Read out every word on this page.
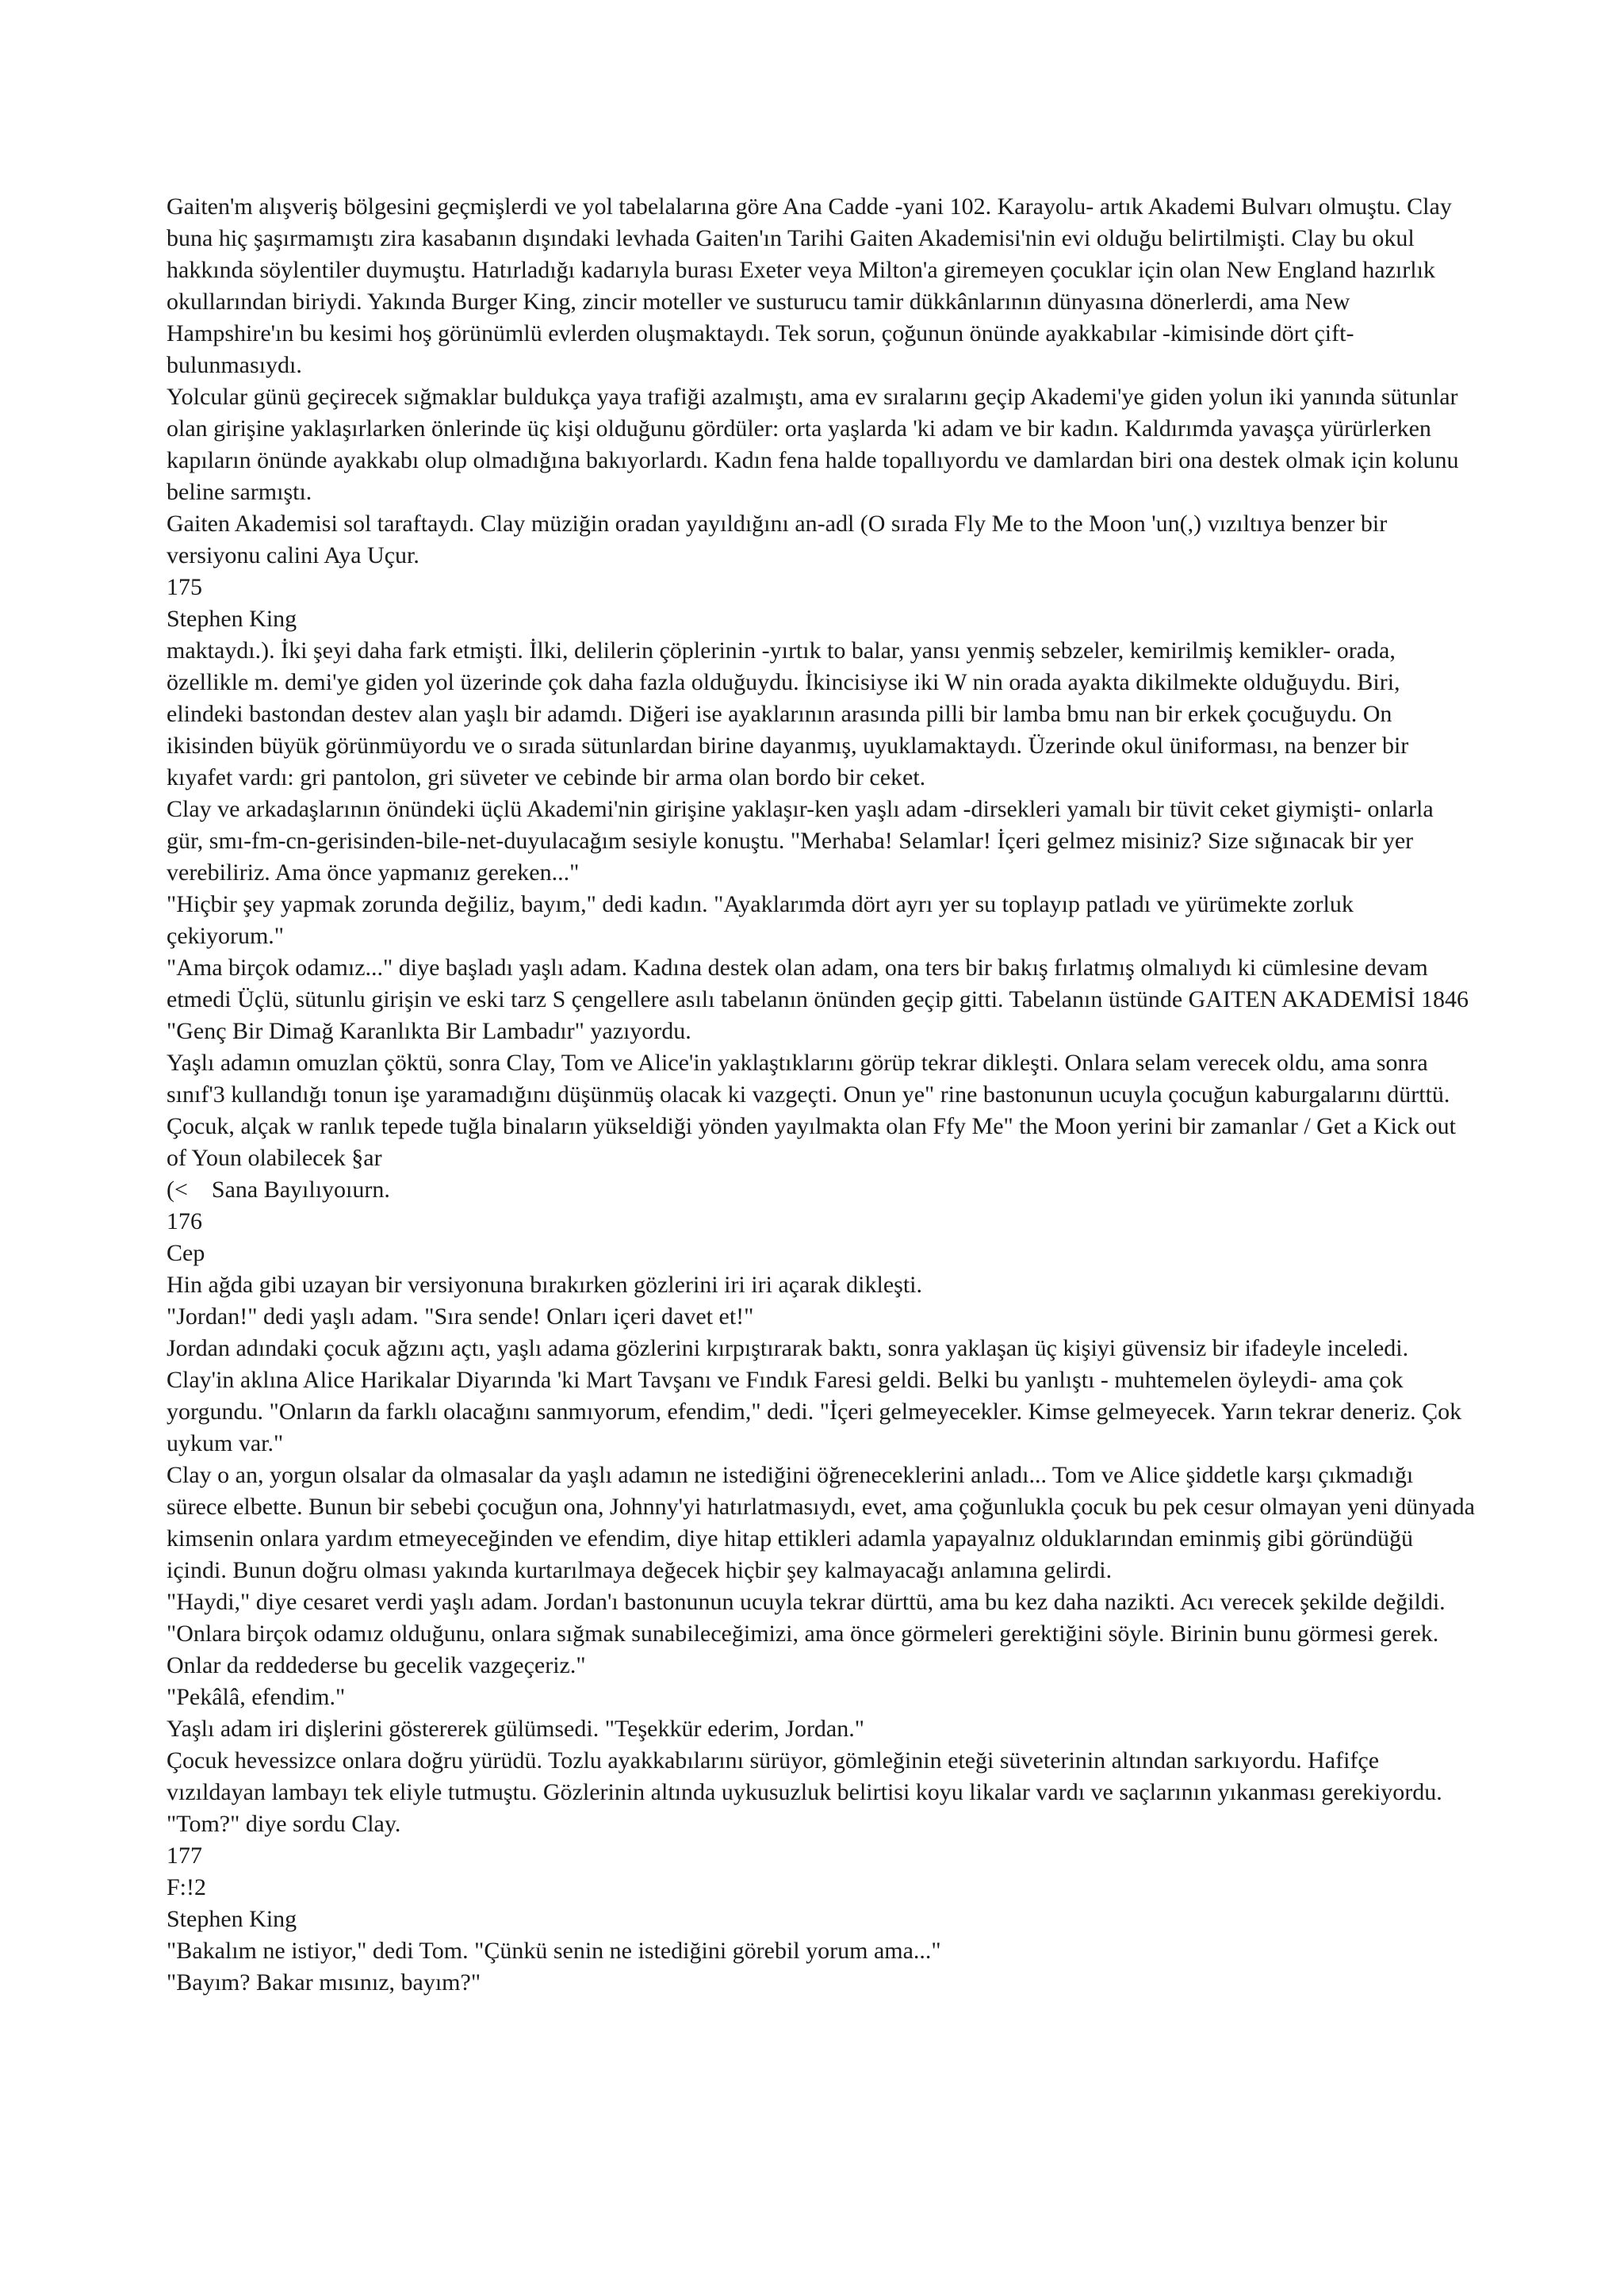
Gaiten'm alışveriş bölgesini geçmişlerdi ve yol tabelalarına göre Ana Cadde -yani 102. Karayolu- artık Akademi Bulvarı olmuştu. Clay buna hiç şaşırmamıştı zira kasabanın dışındaki levhada Gaiten'ın Tarihi Gaiten Akademisi'nin evi olduğu belirtilmişti. Clay bu okul hakkında söylentiler duymuştu. Hatırladığı kadarıyla burası Exeter veya Milton'a giremeyen çocuklar için olan New England hazırlık okullarından biriydi. Yakında Burger King, zincir moteller ve susturucu tamir dükkânlarının dünyasına dönerlerdi, ama New Hampshire'ın bu kesimi hoş görünümlü evlerden oluşmaktaydı. Tek sorun, çoğunun önünde ayakkabılar -kimisinde dört çift- bulunmasıydı.

Yolcular günü geçirecek sığmaklar buldukça yaya trafiği azalmıştı, ama ev sıralarını geçip Akademi'ye giden yolun iki yanında sütunlar olan girişine yaklaşırlarken önlerinde üç kişi olduğunu gördüler: orta yaşlarda 'ki adam ve bir kadın. Kaldırımda yavaşça yürürlerken kapıların önünde ayakkabı olup olmadığına bakıyorlardı. Kadın fena halde topallıyordu ve damlardan biri ona destek olmak için kolunu beline sarmıştı.

Gaiten Akademisi sol taraftaydı. Clay müziğin oradan yayıldığını an-adl (O sırada Fly Me to the Moon 'un(,) vızıltıya benzer bir versiyonu calini Aya Uçur.

175

Stephen King

maktaydı.). İki şeyi daha fark etmişti. İlki, delilerin çöplerinin -yırtık to balar, yansı yenmiş sebzeler, kemirilmiş kemikler- orada, özellikle m. demi'ye giden yol üzerinde çok daha fazla olduğuydu. İkincisiyse iki W nin orada ayakta dikilmekte olduğuydu. Biri, elindeki bastondan destev alan yaşlı bir adamdı. Diğeri ise ayaklarının arasında pilli bir lamba bmu nan bir erkek çocuğuydu. On ikisinden büyük görünmüyordu ve o sırada sütunlardan birine dayanmış, uyuklamaktaydı. Üzerinde okul üniforması, na benzer bir kıyafet vardı: gri pantolon, gri süveter ve cebinde bir arma olan bordo bir ceket.

Clay ve arkadaşlarının önündeki üçlü Akademi'nin girişine yaklaşır-ken yaşlı adam -dirsekleri yamalı bir tüvit ceket giymişti- onlarla gür, smı-fm-cn-gerisinden-bile-net-duyulacağım sesiyle konuştu. "Merhaba! Selamlar! İçeri gelmez misiniz? Size sığınacak bir yer verebiliriz. Ama önce yapmanız gereken..."

"Hiçbir şey yapmak zorunda değiliz, bayım," dedi kadın. "Ayaklarımda dört ayrı yer su toplayıp patladı ve yürümekte zorluk çekiyorum."

"Ama birçok odamız..." diye başladı yaşlı adam. Kadına destek olan adam, ona ters bir bakış fırlatmış olmalıydı ki cümlesine devam etmedi Üçlü, sütunlu girişin ve eski tarz S çengellere asılı tabelanın önünden geçip gitti. Tabelanın üstünde GAITEN AKADEMİSİ 1846 "Genç Bir Dimağ Karanlıkta Bir Lambadır" yazıyordu.

Yaşlı adamın omuzlan çöktü, sonra Clay, Tom ve Alice'in yaklaştıklarını görüp tekrar dikleşti. Onlara selam verecek oldu, ama sonra sınıf'3 kullandığı tonun işe yaramadığını düşünmüş olacak ki vazgeçti. Onun ye" rine bastonunun ucuyla çocuğun kaburgalarını dürttü. Çocuk, alçak w ranlık tepede tuğla binaların yükseldiği yönden yayılmakta olan Ffy Me" the Moon yerini bir zamanlar / Get a Kick out of Youn olabilecek §ar

(<    Sana Bayılıyoıurn.

176

Cep

Hin ağda gibi uzayan bir versiyonuna bırakırken gözlerini iri iri açarak dikleşti.

"Jordan!" dedi yaşlı adam. "Sıra sende! Onları içeri davet et!"

Jordan adındaki çocuk ağzını açtı, yaşlı adama gözlerini kırpıştırarak baktı, sonra yaklaşan üç kişiyi güvensiz bir ifadeyle inceledi. Clay'in aklına Alice Harikalar Diyarında 'ki Mart Tavşanı ve Fındık Faresi geldi. Belki bu yanlıştı - muhtemelen öyleydi- ama çok yorgundu. "Onların da farklı olacağını sanmıyorum, efendim," dedi. "İçeri gelmeyecekler. Kimse gelmeyecek. Yarın tekrar deneriz. Çok uykum var."

Clay o an, yorgun olsalar da olmasalar da yaşlı adamın ne istediğini öğreneceklerini anladı... Tom ve Alice şiddetle karşı çıkmadığı sürece elbette. Bunun bir sebebi çocuğun ona, Johnny'yi hatırlatmasıydı, evet, ama çoğunlukla çocuk bu pek cesur olmayan yeni dünyada kimsenin onlara yardım etmeyeceğinden ve efendim, diye hitap ettikleri adamla yapayalnız olduklarından eminmiş gibi göründüğü içindi. Bunun doğru olması yakında kurtarılmaya değecek hiçbir şey kalmayacağı anlamına gelirdi.

"Haydi," diye cesaret verdi yaşlı adam. Jordan'ı bastonunun ucuyla tekrar dürttü, ama bu kez daha nazikti. Acı verecek şekilde değildi. "Onlara birçok odamız olduğunu, onlara sığmak sunabileceğimizi, ama önce görmeleri gerektiğini söyle. Birinin bunu görmesi gerek. Onlar da reddederse bu gecelik vazgeçeriz."

"Pekâlâ, efendim."

Yaşlı adam iri dişlerini göstererek gülümsedi. "Teşekkür ederim, Jordan."

Çocuk hevessizce onlara doğru yürüdü. Tozlu ayakkabılarını sürüyor, gömleğinin eteği süveterinin altından sarkıyordu. Hafifçe vızıldayan lambayı tek eliyle tutmuştu. Gözlerinin altında uykusuzluk belirtisi koyu likalar vardı ve saçlarının yıkanması gerekiyordu.

"Tom?" diye sordu Clay.

177

F:!2

Stephen King

"Bakalım ne istiyor," dedi Tom. "Çünkü senin ne istediğini görebil yorum ama..."

"Bayım? Bakar mısınız, bayım?"
